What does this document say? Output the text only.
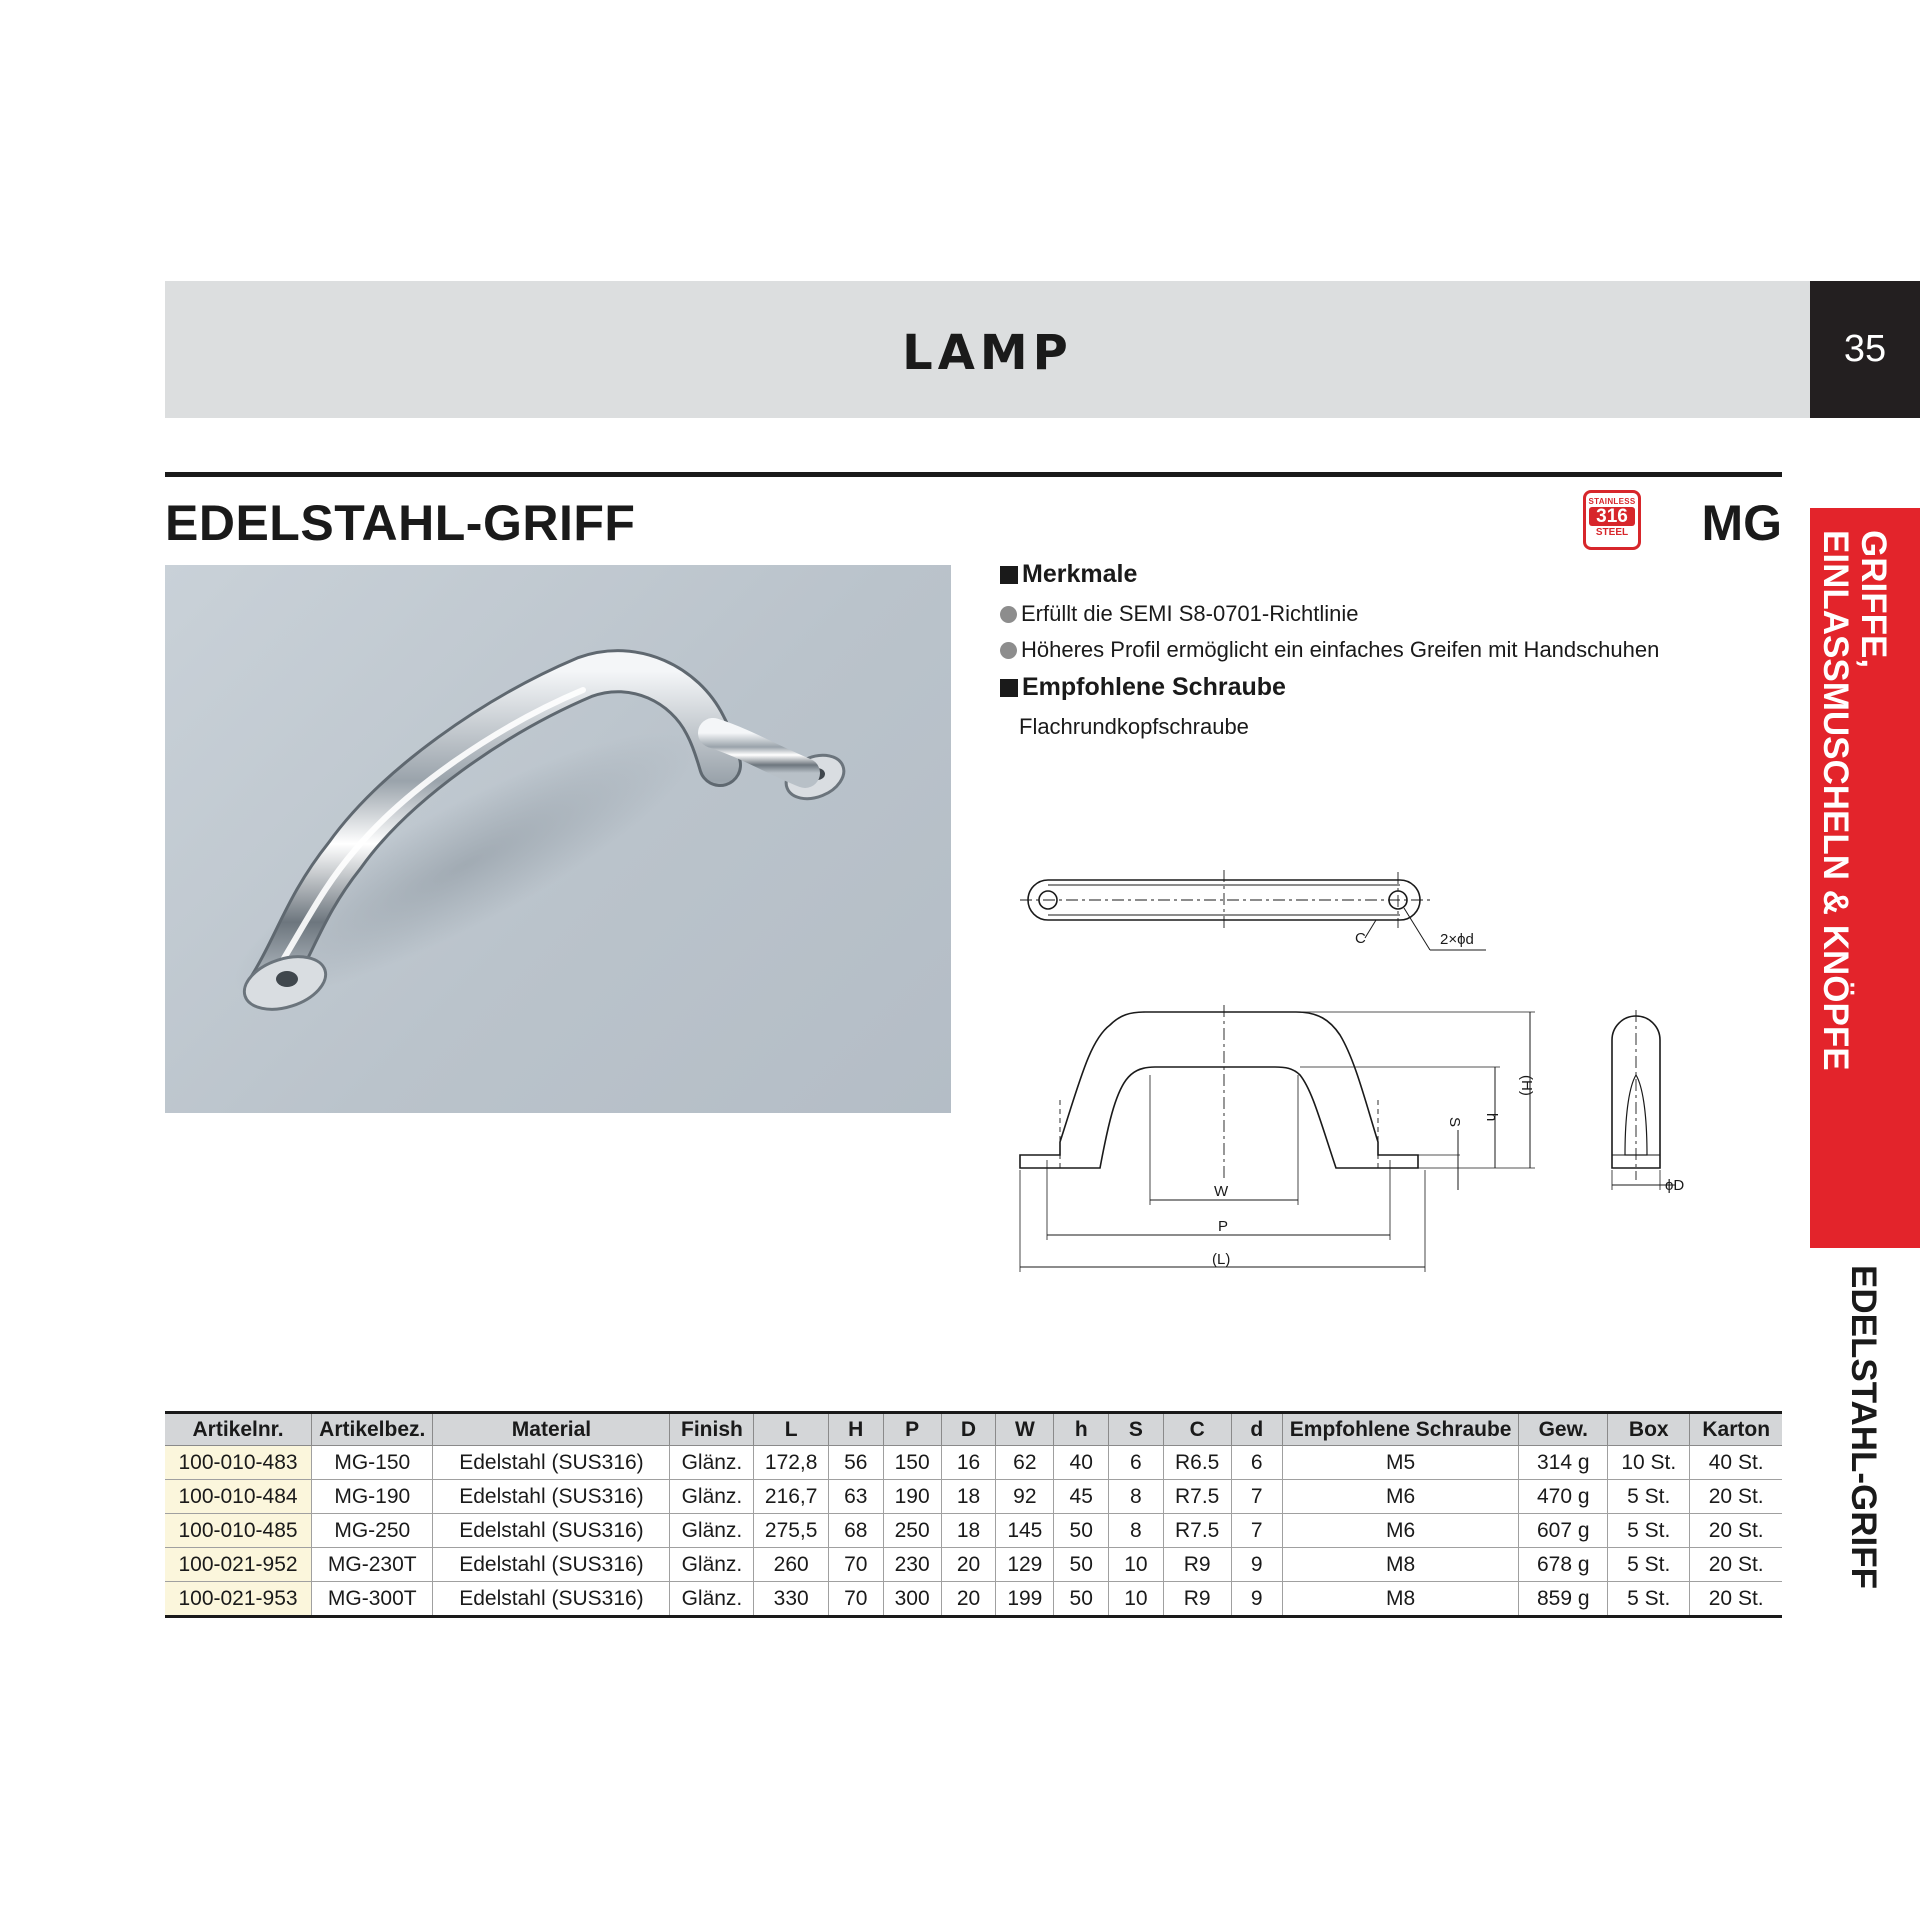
LAMP	35
EDELSTAHL-GRIFF	STAINLESS
316
STEEL MG
GRIFFE,
EINLASSMUSCHELN & KNÖPFE
EDELSTAHL-GRIFF
Merkmale
Erfüllt die SEMI S8-0701-Richtlinie
Höheres Profil ermöglicht ein einfaches Greifen mit Handschuhen
Empfohlene Schraube
Flachrundkopfschraube
C	2×ϕd
W
P
(L)
S h
(H)
ϕD
Artikelnr.	Artikelbez.	Material	Finish	L	H	P	D	W	h	S	C	d	Empfohlene Schraube	Gew.	Box	Karton
100-010-483	MG-150	Edelstahl (SUS316)	Glänz.	172,8	56	150	16	62	40	6	R6.5	6	M5	314 g	10 St.	40 St.
100-010-484	MG-190	Edelstahl (SUS316)	Glänz.	216,7	63	190	18	92	45	8	R7.5	7	M6	470 g	5 St.	20 St.
100-010-485	MG-250	Edelstahl (SUS316)	Glänz.	275,5	68	250	18	145	50	8	R7.5	7	M6	607 g	5 St.	20 St.
100-021-952	MG-230T	Edelstahl (SUS316)	Glänz.	260	70	230	20	129	50	10	R9	9	M8	678 g	5 St.	20 St.
100-021-953	MG-300T	Edelstahl (SUS316)	Glänz.	330	70	300	20	199	50	10	R9	9	M8	859 g	5 St.	20 St.
